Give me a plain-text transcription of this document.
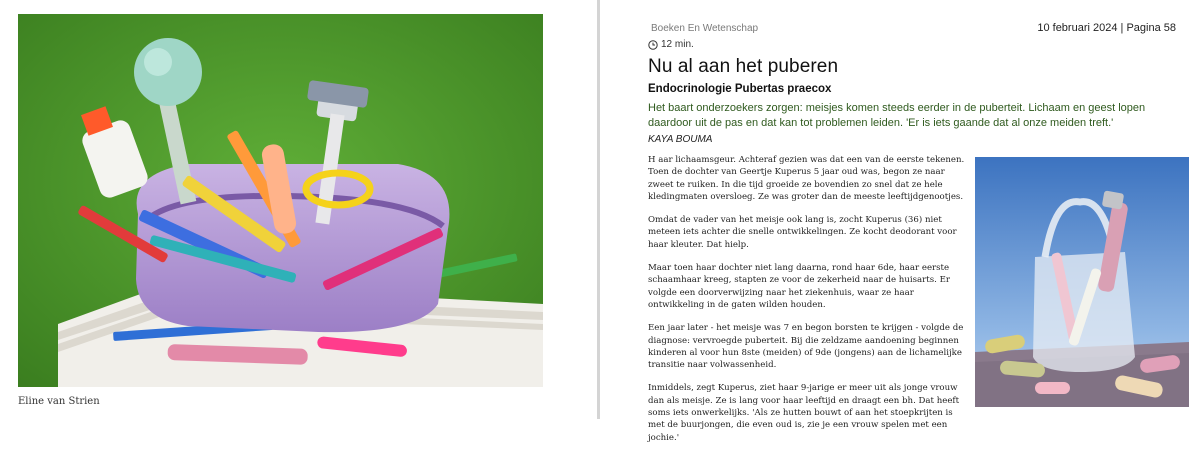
Eline van Strien
Boeken En Wetenschap	10 februari 2024 | Pagina 58
12 min.
Nu al aan het puberen
Endocrinologie Pubertas praecox
Het baart onderzoekers zorgen: meisjes komen steeds eerder in de puberteit. Lichaam en geest lopen daardoor uit de pas en dat kan tot problemen leiden. 'Er is iets gaande dat al onze meiden treft.'
KAYA BOUMA

H aar lichaamsgeur. Achteraf gezien was dat een van de eerste tekenen. Toen de dochter van Geertje Kuperus 5 jaar oud was, begon ze naar zweet te ruiken. In die tijd groeide ze bovendien zo snel dat ze hele kledingmaten oversloeg. Ze was groter dan de meeste leeftijdgenootjes.

Omdat de vader van het meisje ook lang is, zocht Kuperus (36) niet meteen iets achter die snelle ontwikkelingen. Ze kocht deodorant voor haar kleuter. Dat hielp.

Maar toen haar dochter niet lang daarna, rond haar 6de, haar eerste schaamhaar kreeg, stapten ze voor de zekerheid naar de huisarts. Er volgde een doorverwijzing naar het ziekenhuis, waar ze haar ontwikkeling in de gaten wilden houden.

Een jaar later - het meisje was 7 en begon borsten te krijgen - volgde de diagnose: vervroegde puberteit. Bij die zeldzame aandoening beginnen kinderen al voor hun 8ste (meiden) of 9de (jongens) aan de lichamelijke transitie naar volwassenheid.

Inmiddels, zegt Kuperus, ziet haar 9-jarige er meer uit als jonge vrouw dan als meisje. Ze is lang voor haar leeftijd en draagt een bh. Dat heeft soms iets onwerkelijks. 'Als ze hutten bouwt of aan het stoepkrijten is met de buurjongen, die even oud is, zie je een vrouw spelen met een jochie.'
